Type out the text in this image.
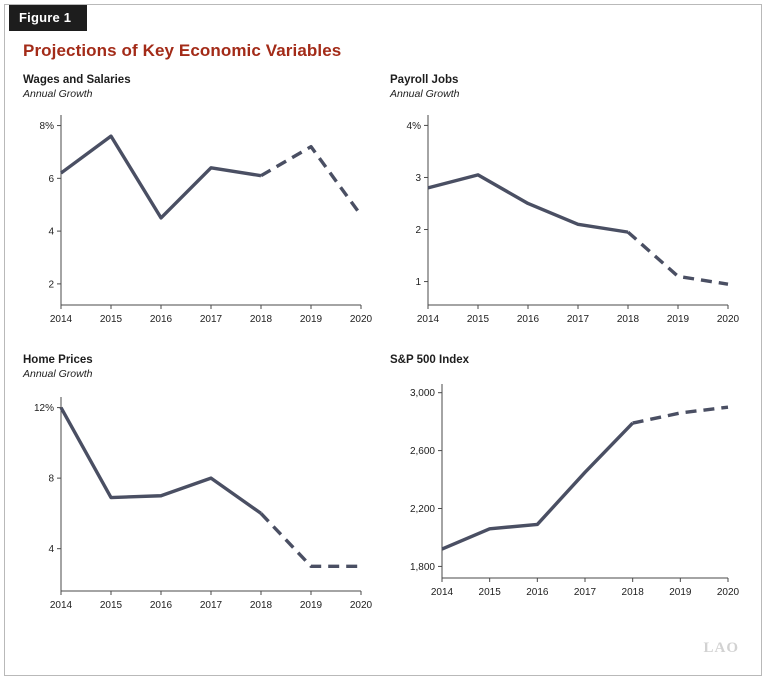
Figure 1
Projections of Key Economic Variables
Wages and Salaries
Annual Growth
2
4
6
8%
2014	2015	2016	2017	2018	2019	2020
Payroll Jobs
Annual Growth
1
2
3
4%
2014	2015	2016	2017	2018	2019	2020
Home Prices
Annual Growth
4
8
12%
2014	2015	2016	2017	2018	2019	2020
S&P 500 Index
1,800
2,200
2,600
3,000
2014	2015	2016	2017	2018	2019	2020
LAO
